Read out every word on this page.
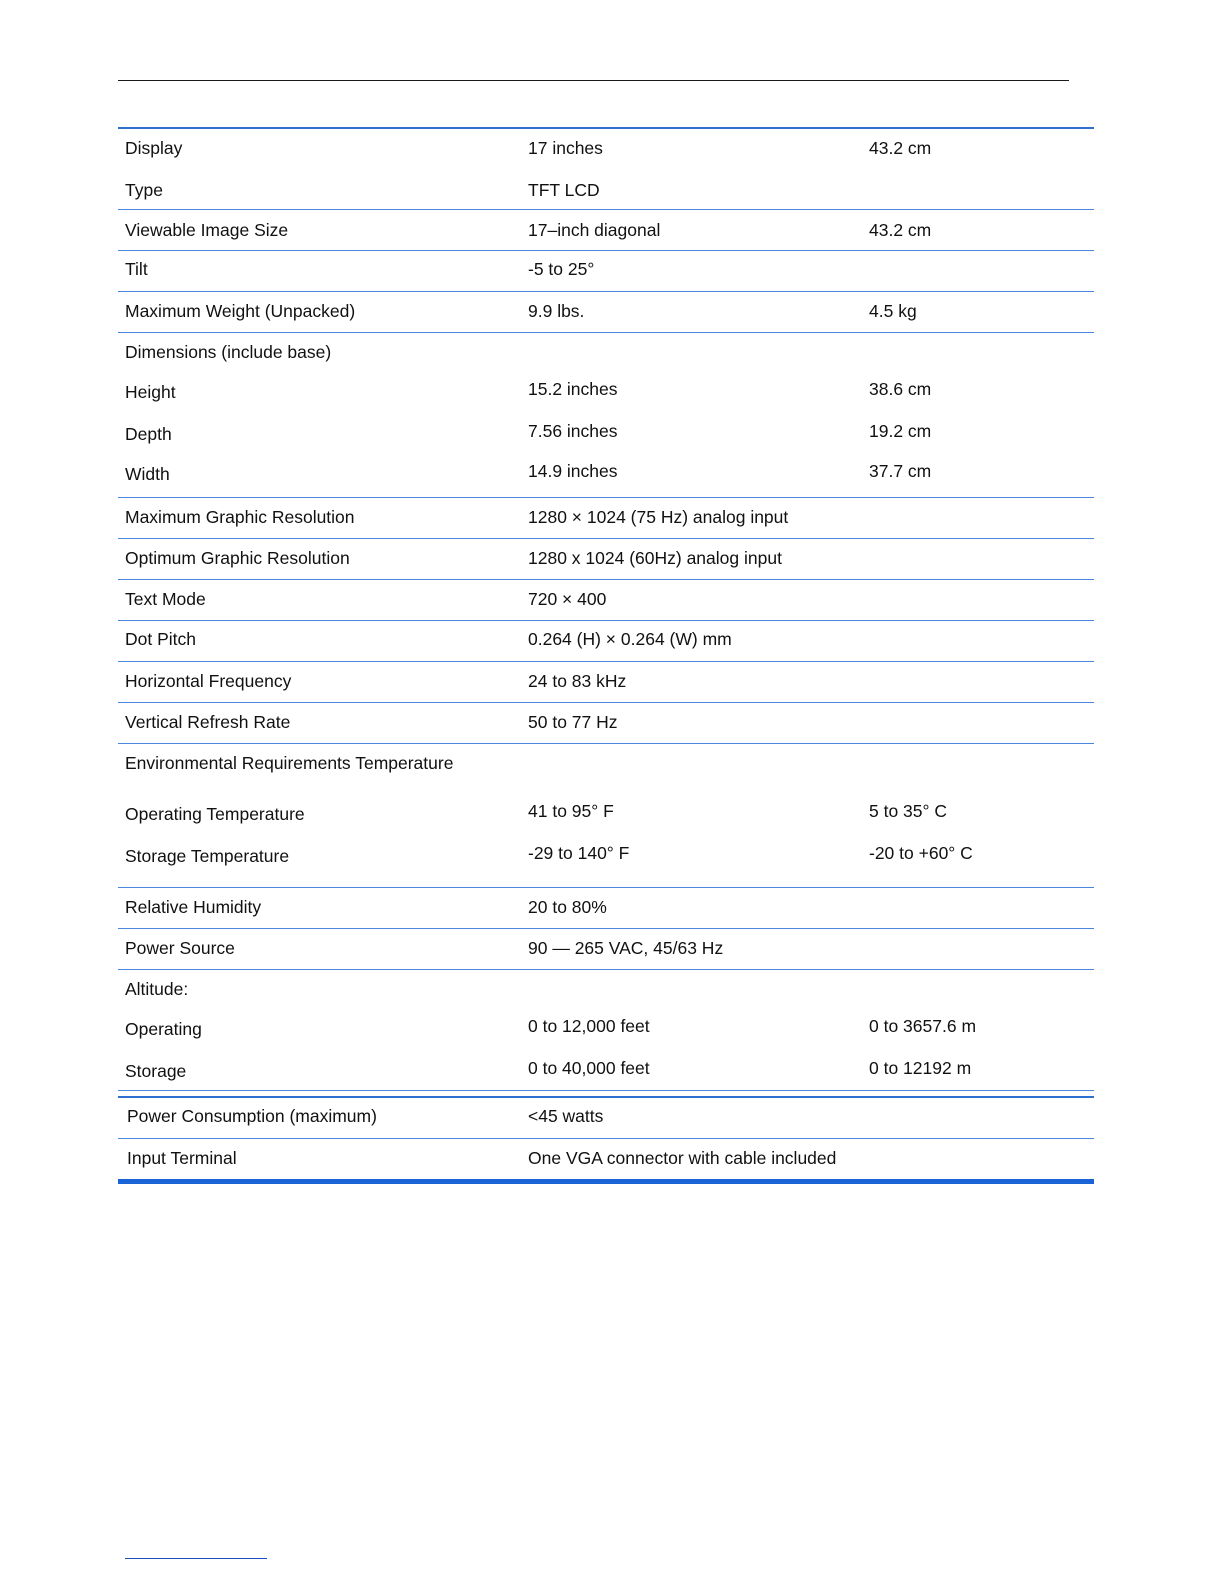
Display	17 inches	43.2 cm
Type	TFT LCD
Viewable Image Size	17–inch diagonal	43.2 cm
Tilt	-5 to 25°
Maximum Weight (Unpacked)	9.9 lbs.	4.5 kg
Dimensions (include base)
Height	15.2 inches	38.6 cm
Depth	7.56 inches	19.2 cm
Width	14.9 inches	37.7 cm
Maximum Graphic Resolution	1280 × 1024 (75 Hz) analog input
Optimum Graphic Resolution	1280 x 1024 (60Hz) analog input
Text Mode	720 × 400
Dot Pitch	0.264 (H) × 0.264 (W) mm
Horizontal Frequency	24 to 83 kHz
Vertical Refresh Rate	50 to 77 Hz
Environmental Requirements Temperature
Operating Temperature	41 to 95° F	5 to 35° C
Storage Temperature	-29 to 140° F	-20 to +60° C
Relative Humidity	20 to 80%
Power Source	90 — 265 VAC, 45/63 Hz
Altitude:
Operating	0 to 12,000 feet	0 to 3657.6 m
Storage	0 to 40,000 feet	0 to 12192 m
Power Consumption (maximum)	<45 watts
Input Terminal	One VGA connector with cable included
